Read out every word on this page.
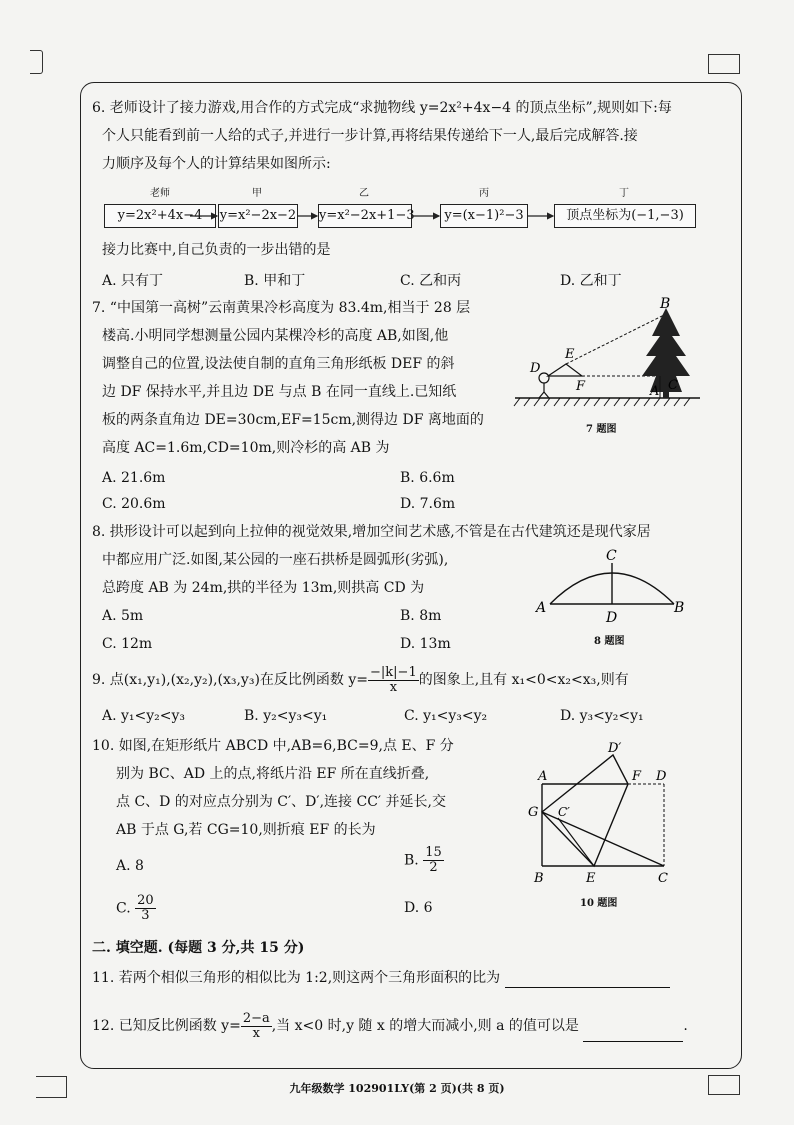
6. 老师设计了接力游戏,用合作的方式完成“求抛物线 y=2x²+4x−4 的顶点坐标”,规则如下:每
个人只能看到前一人给的式子,并进行一步计算,再将结果传递给下一人,最后完成解答.接
力顺序及每个人的计算结果如图所示:
老师
y=2x²+4x−4
甲
y=x²−2x−2
乙
y=x²−2x+1−3
丙
y=(x−1)²−3
丁
顶点坐标为(−1,−3)
接力比赛中,自己负责的一步出错的是
A. 只有丁	B. 甲和丁	C. 乙和丙	D. 乙和丁
7. “中国第一高树”云南黄果冷杉高度为 83.4m,相当于 28 层
楼高.小明同学想测量公园内某棵冷杉的高度 AB,如图,他
调整自己的位置,设法使自制的直角三角形纸板 DEF 的斜
边 DF 保持水平,并且边 DE 与点 B 在同一直线上.已知纸
板的两条直角边 DE=30cm,EF=15cm,测得边 DF 离地面的
高度 AC=1.6m,CD=10m,则冷杉的高 AB 为
A. 21.6m	B. 6.6m
C. 20.6m	D. 7.6m
B
E
D
F	A C
7 题图
8. 拱形设计可以起到向上拉伸的视觉效果,增加空间艺术感,不管是在古代建筑还是现代家居
中都应用广泛.如图,某公园的一座石拱桥是圆弧形(劣弧),
总跨度 AB 为 24m,拱的半径为 13m,则拱高 CD 为
A. 5m	B. 8m
C. 12m	D. 13m
A	B
C
D
8 题图
9. 点(x₁,y₁),(x₂,y₂),(x₃,y₃)在反比例函数 $y= \frac{-|k|-1}{x}$ 的图象上,且有 x₁<0<x₂<x₃,则有
A. y₁<y₂<y₃	B. y₂<y₃<y₁	C. y₁<y₃<y₂	D. y₃<y₂<y₁
10. 如图,在矩形纸片 ABCD 中,AB=6,BC=9,点 E、F 分
别为 BC、AD 上的点,将纸片沿 EF 所在直线折叠,
点 C、D 的对应点分别为 C′、D′,连接 CC′ 并延长,交
AB 于点 G,若 CG=10,则折痕 EF 的长为
A. 8	B. $\frac{15}{2}$
C. $\frac{20}{3}$	D. 6
A
D′
F D
G C′
B	E	C
10 题图
二. 填空题. (每题 3 分,共 15 分)
11. 若两个相似三角形的相似比为 1:2,则这两个三角形面积的比为
12. 已知反比例函数 $y= \frac{2-a}{x}$ ,当 x<0 时,y 随 x 的增大而减小,则 a 的值可以是	.
九年级数学 102901LY(第 2 页)(共 8 页)
